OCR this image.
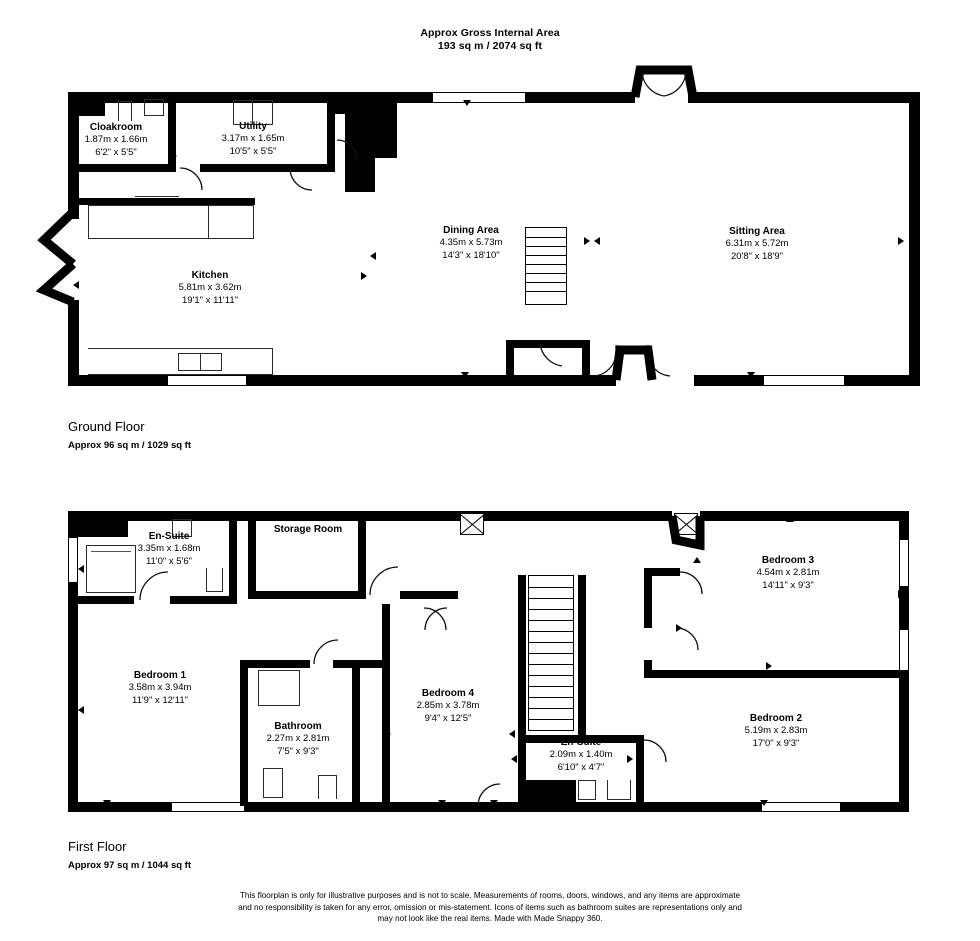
Approx Gross Internal Area
193 sq m / 2074 sq ft
Cloakroom
1.87m x 1.66m
6'2" x 5'5"
Utility
3.17m x 1.65m
10'5" x 5'5"
Kitchen
5.81m x 3.62m
19'1" x 11'11"
Dining Area
4.35m x 5.73m
14'3" x 18'10"
Sitting Area
6.31m x 5.72m
20'8" x 18'9"
Ground Floor
Approx 96 sq m / 1029 sq ft
En-Suite
3.35m x 1.68m
11'0" x 5'6"
Storage Room
Bedroom 3
4.54m x 2.81m
14'11" x 9'3"
Bedroom 1
3.58m x 3.94m
11'9" x 12'11"
Bathroom
2.27m x 2.81m
7'5" x 9'3"
Bedroom 4
2.85m x 3.78m
9'4" x 12'5"
En-Suite
2.09m x 1.40m
6'10" x 4'7"
Bedroom 2
5.19m x 2.83m
17'0" x 9'3"
First Floor
Approx 97 sq m / 1044 sq ft
This floorplan is only for illustrative purposes and is not to scale. Measurements of rooms, doors, windows, and any items are approximate
and no responsibility is taken for any error, omission or mis-statement. Icons of items such as bathroom suites are representations only and
may not look like the real items. Made with Made Snappy 360.
